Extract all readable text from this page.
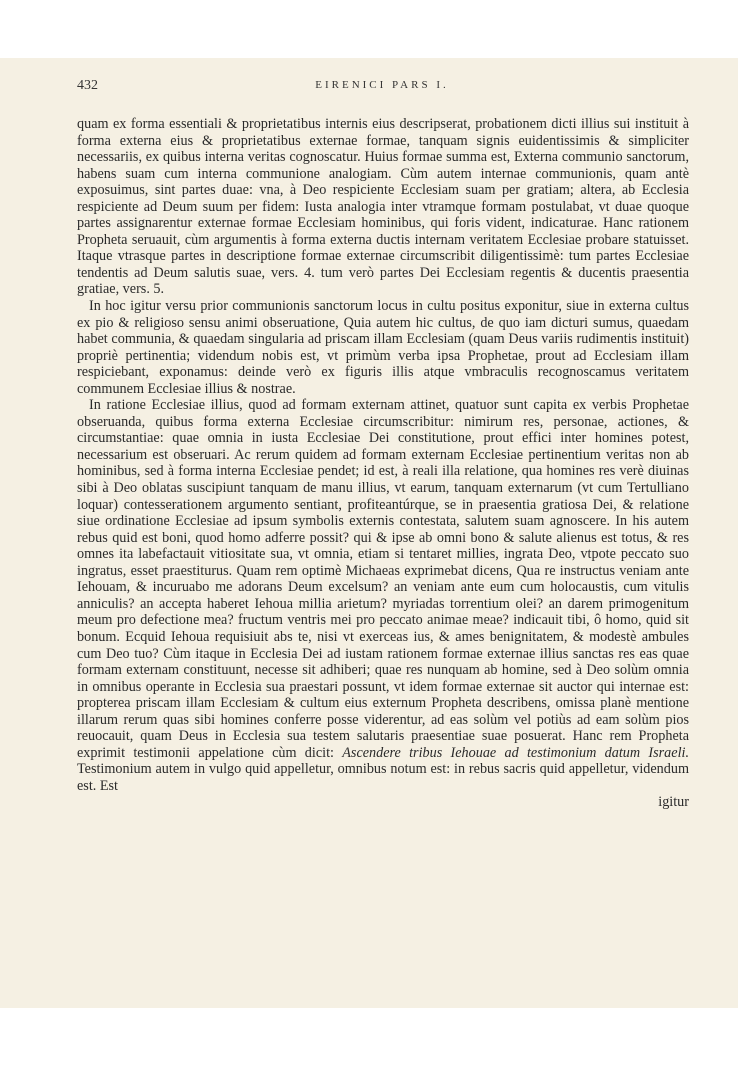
432	EIRENICI PARS I.

quam ex forma essentiali & proprietatibus internis eius descripserat, probationem dicti illius sui instituit à forma externa eius & proprietatibus externae formae, tanquam signis euidentissimis & simpliciter necessariis, ex quibus interna veritas cognoscatur. Huius formae summa est, Externa communio sanctorum, habens suam cum interna communione analogiam. Cùm autem internae communionis, quam antè exposuimus, sint partes duae: vna, à Deo respiciente Ecclesiam suam per gratiam; altera, ab Ecclesia respiciente ad Deum suum per fidem: Iusta analogia inter vtramque formam postulabat, vt duae quoque partes assignarentur externae formae Ecclesiam hominibus, qui foris vident, indicaturae. Hanc rationem Propheta seruauit, cùm argumentis à forma externa ductis internam veritatem Ecclesiae probare statuisset. Itaque vtrasque partes in descriptione formae externae circumscribit diligentissimè: tum partes Ecclesiae tendentis ad Deum salutis suae, vers. 4. tum verò partes Dei Ecclesiam regentis & ducentis praesentia gratiae, vers. 5.

In hoc igitur versu prior communionis sanctorum locus in cultu positus exponitur, siue in externa cultus ex pio & religioso sensu animi obseruatione, Quia autem hic cultus, de quo iam dicturi sumus, quaedam habet communia, & quaedam singularia ad priscam illam Ecclesiam (quam Deus variis rudimentis instituit) propriè pertinentia; videndum nobis est, vt primùm verba ipsa Prophetae, prout ad Ecclesiam illam respiciebant, exponamus: deinde verò ex figuris illis atque vmbraculis recognoscamus veritatem communem Ecclesiae illius & nostrae.

In ratione Ecclesiae illius, quod ad formam externam attinet, quatuor sunt capita ex verbis Prophetae obseruanda, quibus forma externa Ecclesiae circumscribitur: nimirum res, personae, actiones, & circumstantiae: quae omnia in iusta Ecclesiae Dei constitutione, prout effici inter homines potest, necessarium est obseruari. Ac rerum quidem ad formam externam Ecclesiae pertinentium veritas non ab hominibus, sed à forma interna Ecclesiae pendet; id est, à reali illa relatione, qua homines res verè diuinas sibi à Deo oblatas suscipiunt tanquam de manu illius, vt earum, tanquam externarum (vt cum Tertulliano loquar) contesserationem argumento sentiant, profiteantúrque, se in praesentia gratiosa Dei, & relatione siue ordinatione Ecclesiae ad ipsum symbolis externis contestata, salutem suam agnoscere. In his autem rebus quid est boni, quod homo adferre possit? qui & ipse ab omni bono & salute alienus est totus, & res omnes ita labefactauit vitiositate sua, vt omnia, etiam si tentaret millies, ingrata Deo, vtpote peccato suo ingratus, esset praestiturus. Quam rem optimè Michaeas exprimebat dicens, Qua re instructus veniam ante Iehouam, & incuruabo me adorans Deum excelsum? an veniam ante eum cum holocaustis, cum vitulis anniculis? an accepta haberet Iehoua millia arietum? myriadas torrentium olei? an darem primogenitum meum pro defectione mea? fructum ventris mei pro peccato animae meae? indicauit tibi, ô homo, quid sit bonum. Ecquid Iehoua requisiuit abs te, nisi vt exerceas ius, & ames benignitatem, & modestè ambules cum Deo tuo? Cùm itaque in Ecclesia Dei ad iustam rationem formae externae illius sanctas res eas quae formam externam constituunt, necesse sit adhiberi; quae res nunquam ab homine, sed à Deo solùm omnia in omnibus operante in Ecclesia sua praestari possunt, vt idem formae externae sit auctor qui internae est: propterea priscam illam Ecclesiam & cultum eius externum Propheta describens, omissa planè mentione illarum rerum quas sibi homines conferre posse viderentur, ad eas solùm vel potiùs ad eam solùm pios reuocauit, quam Deus in Ecclesia sua testem salutaris praesentiae suae posuerat. Hanc rem Propheta exprimit testimonii appelatione cùm dicit: Ascendere tribus Iehouae ad testimonium datum Israeli. Testimonium autem in vulgo quid appelletur, omnibus notum est: in rebus sacris quid appelletur, videndum est. Est
igitur
